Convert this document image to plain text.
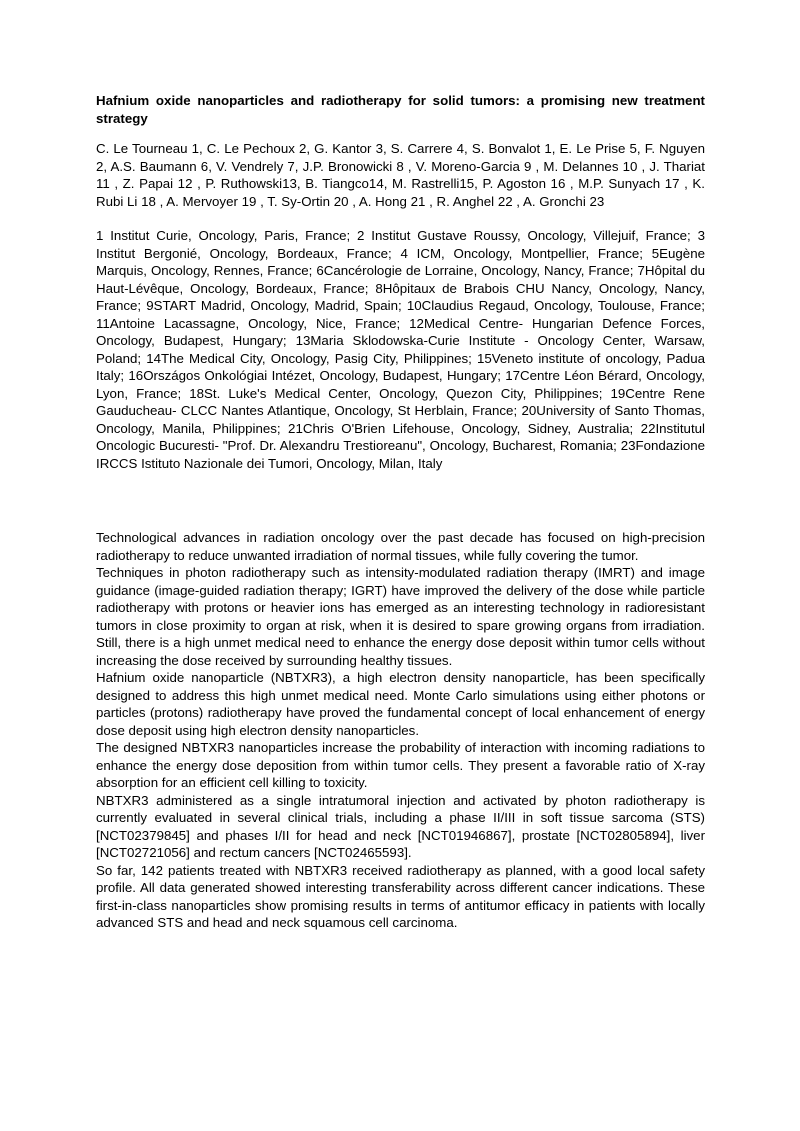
Hafnium oxide nanoparticles and radiotherapy for solid tumors: a promising new treatment strategy

C. Le Tourneau 1, C. Le Pechoux 2, G. Kantor 3, S. Carrere 4, S. Bonvalot 1, E. Le Prise 5, F. Nguyen 2, A.S. Baumann 6, V. Vendrely 7, J.P. Bronowicki 8 , V. Moreno-Garcia 9 , M. Delannes 10 , J. Thariat 11 , Z. Papai 12 , P. Ruthowski13, B. Tiangco14, M. Rastrelli15, P. Agoston 16 , M.P. Sunyach 17 , K. Rubi Li 18 , A. Mervoyer 19 , T. Sy-Ortin 20 , A. Hong 21 , R. Anghel 22 , A. Gronchi 23

1 Institut Curie, Oncology, Paris, France; 2 Institut Gustave Roussy, Oncology, Villejuif, France; 3 Institut Bergonié, Oncology, Bordeaux, France; 4 ICM, Oncology, Montpellier, France; 5Eugène Marquis, Oncology, Rennes, France; 6Cancérologie de Lorraine, Oncology, Nancy, France; 7Hôpital du Haut-Lévêque, Oncology, Bordeaux, France; 8Hôpitaux de Brabois CHU Nancy, Oncology, Nancy, France; 9START Madrid, Oncology, Madrid, Spain; 10Claudius Regaud, Oncology, Toulouse, France; 11Antoine Lacassagne, Oncology, Nice, France; 12Medical Centre- Hungarian Defence Forces, Oncology, Budapest, Hungary; 13Maria Sklodowska-Curie Institute - Oncology Center, Warsaw, Poland; 14The Medical City, Oncology, Pasig City, Philippines; 15Veneto institute of oncology, Padua Italy; 16Országos Onkológiai Intézet, Oncology, Budapest, Hungary; 17Centre Léon Bérard, Oncology, Lyon, France; 18St. Luke's Medical Center, Oncology, Quezon City, Philippines; 19Centre Rene Gauducheau- CLCC Nantes Atlantique, Oncology, St Herblain, France; 20University of Santo Thomas, Oncology, Manila, Philippines; 21Chris O'Brien Lifehouse, Oncology, Sidney, Australia; 22Institutul Oncologic Bucuresti- "Prof. Dr. Alexandru Trestioreanu", Oncology, Bucharest, Romania; 23Fondazione IRCCS Istituto Nazionale dei Tumori, Oncology, Milan, Italy

Technological advances in radiation oncology over the past decade has focused on high-precision radiotherapy to reduce unwanted irradiation of normal tissues, while fully covering the tumor.

Techniques in photon radiotherapy such as intensity-modulated radiation therapy (IMRT) and image guidance (image-guided radiation therapy; IGRT) have improved the delivery of the dose while particle radiotherapy with protons or heavier ions has emerged as an interesting technology in radioresistant tumors in close proximity to organ at risk, when it is desired to spare growing organs from irradiation. Still, there is a high unmet medical need to enhance the energy dose deposit within tumor cells without increasing the dose received by surrounding healthy tissues.

Hafnium oxide nanoparticle (NBTXR3), a high electron density nanoparticle, has been specifically designed to address this high unmet medical need. Monte Carlo simulations using either photons or particles (protons) radiotherapy have proved the fundamental concept of local enhancement of energy dose deposit using high electron density nanoparticles.

The designed NBTXR3 nanoparticles increase the probability of interaction with incoming radiations to enhance the energy dose deposition from within tumor cells. They present a favorable ratio of X-ray absorption for an efficient cell killing to toxicity.

NBTXR3 administered as a single intratumoral injection and activated by photon radiotherapy is currently evaluated in several clinical trials, including a phase II/III in soft tissue sarcoma (STS) [NCT02379845] and phases I/II for head and neck [NCT01946867], prostate [NCT02805894], liver [NCT02721056] and rectum cancers [NCT02465593].

So far, 142 patients treated with NBTXR3 received radiotherapy as planned, with a good local safety profile. All data generated showed interesting transferability across different cancer indications. These first-in-class nanoparticles show promising results in terms of antitumor efficacy in patients with locally advanced STS and head and neck squamous cell carcinoma.
